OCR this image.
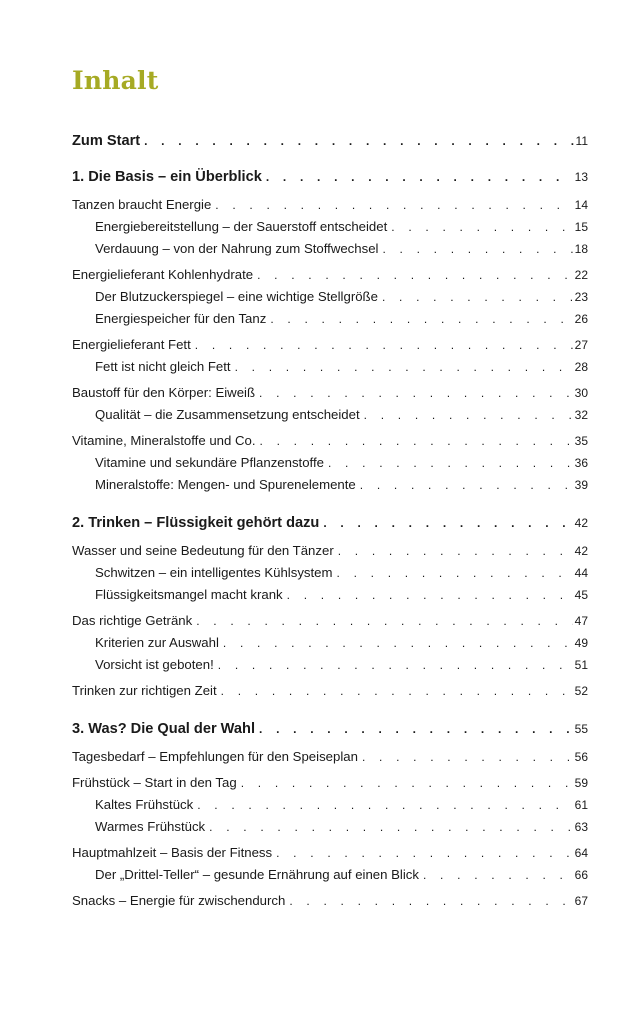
Inhalt
Zum Start . . .	11
1. Die Basis – ein Überblick . . .	13
Tanzen braucht Energie . . .	14
Energiebereitstellung – der Sauerstoff entscheidet . . .	15
Verdauung – von der Nahrung zum Stoffwechsel . . .	18
Energielieferant Kohlenhydrate . . .	22
Der Blutzuckerspiegel – eine wichtige Stellgröße . . .	23
Energiespeicher für den Tanz . . .	26
Energielieferant Fett . . .	27
Fett ist nicht gleich Fett . . .	28
Baustoff für den Körper: Eiweiß . . .	30
Qualität – die Zusammensetzung entscheidet . . .	32
Vitamine, Mineralstoffe und Co. . . .	35
Vitamine und sekundäre Pflanzenstoffe . . .	36
Mineralstoffe: Mengen- und Spurenelemente . . .	39
2. Trinken – Flüssigkeit gehört dazu . . .	42
Wasser und seine Bedeutung für den Tänzer . . .	42
Schwitzen – ein intelligentes Kühlsystem . . .	44
Flüssigkeitsmangel macht krank . . .	45
Das richtige Getränk . . .	47
Kriterien zur Auswahl . . .	49
Vorsicht ist geboten! . . .	51
Trinken zur richtigen Zeit . . .	52
3. Was? Die Qual der Wahl . . .	55
Tagesbedarf – Empfehlungen für den Speiseplan . . .	56
Frühstück – Start in den Tag . . .	59
Kaltes Frühstück . . .	61
Warmes Frühstück . . .	63
Hauptmahlzeit – Basis der Fitness . . .	64
Der „Drittel-Teller“ – gesunde Ernährung auf einen Blick . . .	66
Snacks – Energie für zwischendurch . . .	67
